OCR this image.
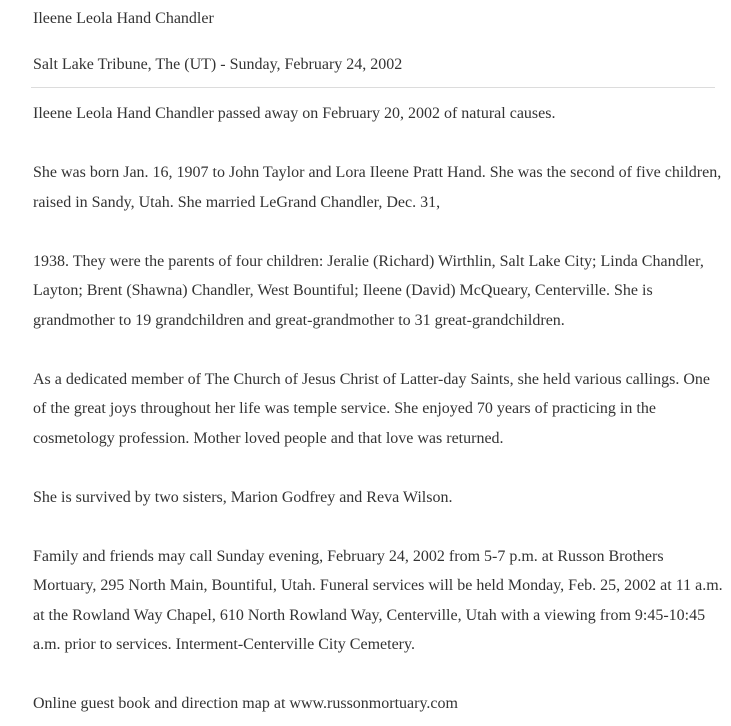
Ileene Leola Hand Chandler
Salt Lake Tribune, The (UT) - Sunday, February 24, 2002

Ileene Leola Hand Chandler passed away on February 20, 2002 of natural causes.

She was born Jan. 16, 1907 to John Taylor and Lora Ileene Pratt Hand. She was the second of five children, raised in Sandy, Utah. She married LeGrand Chandler, Dec. 31,

1938. They were the parents of four children: Jeralie (Richard) Wirthlin, Salt Lake City; Linda Chandler, Layton; Brent (Shawna) Chandler, West Bountiful; Ileene (David) McQueary, Centerville. She is grandmother to 19 grandchildren and great-grandmother to 31 great-grandchildren.

As a dedicated member of The Church of Jesus Christ of Latter-day Saints, she held various callings. One of the great joys throughout her life was temple service. She enjoyed 70 years of practicing in the cosmetology profession. Mother loved people and that love was returned.

She is survived by two sisters, Marion Godfrey and Reva Wilson.

Family and friends may call Sunday evening, February 24, 2002 from 5-7 p.m. at Russon Brothers Mortuary, 295 North Main, Bountiful, Utah. Funeral services will be held Monday, Feb. 25, 2002 at 11 a.m. at the Rowland Way Chapel, 610 North Rowland Way, Centerville, Utah with a viewing from 9:45-10:45 a.m. prior to services. Interment-Centerville City Cemetery.

Online guest book and direction map at www.russonmortuary.com
